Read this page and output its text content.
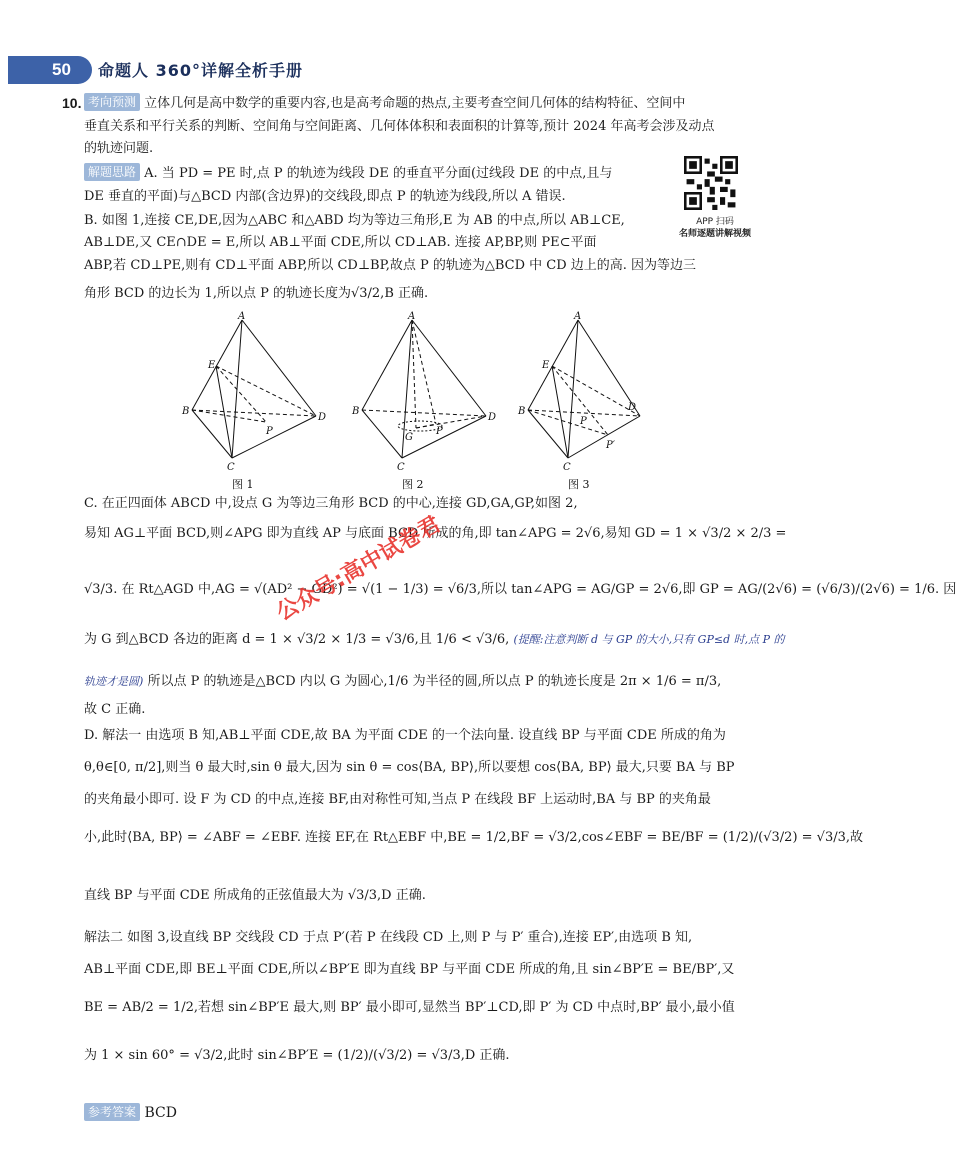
50	命题人 360°详解全析手册
10. 考向预测 立体几何是高中数学的重要内容,也是高考命题的热点,主要考查空间几何体的结构特征、空间中
垂直关系和平行关系的判断、空间角与空间距离、几何体体积和表面积的计算等,预计 2024 年高考会涉及动点
的轨迹问题.
APP 扫码
名师逐题讲解视频
解题思路 A. 当 PD = PE 时,点 P 的轨迹为线段 DE 的垂直平分面(过线段 DE 的中点,且与
DE 垂直的平面)与△BCD 内部(含边界)的交线段,即点 P 的轨迹为线段,所以 A 错误.
B. 如图 1,连接 CE,DE,因为△ABC 和△ABD 均为等边三角形,E 为 AB 的中点,所以 AB⊥CE,
AB⊥DE,又 CE∩DE = E,所以 AB⊥平面 CDE,所以 CD⊥AB. 连接 AP,BP,则 PE⊂平面
ABP,若 CD⊥PE,则有 CD⊥平面 ABP,所以 CD⊥BP,故点 P 的轨迹为△BCD 中 CD 边上的高. 因为等边三
角形 BCD 的边长为 1,所以点 P 的轨迹长度为√3/2,B 正确.
A
B
C
D
E
P
图 1
A
B
C
D
G
P
图 2
A
B
C
D
E
P
P′
图 3
C. 在正四面体 ABCD 中,设点 G 为等边三角形 BCD 的中心,连接 GD,GA,GP,如图 2,
易知 AG⊥平面 BCD,则∠APG 即为直线 AP 与底面 BCD 所成的角,即 tan∠APG = 2√6,易知 GD = 1 × √3/2 × 2/3 =
√3/3. 在 Rt△AGD 中,AG = √(AD² − GD²) = √(1 − 1/3) = √6/3,所以 tan∠APG = AG/GP = 2√6,即 GP = AG/(2√6) = (√6/3)/(2√6) = 1/6. 因
为 G 到△BCD 各边的距离 d = 1 × √3/2 × 1/3 = √3/6,且 1/6 < √3/6, (提醒:注意判断 d 与 GP 的大小,只有 GP≤d 时,点 P 的
轨迹才是圆) 所以点 P 的轨迹是△BCD 内以 G 为圆心,1/6 为半径的圆,所以点 P 的轨迹长度是 2π × 1/6 = π/3,
故 C 正确.
D. 解法一 由选项 B 知,AB⊥平面 CDE,故 BA 为平面 CDE 的一个法向量. 设直线 BP 与平面 CDE 所成的角为
θ,θ∈[0, π/2],则当 θ 最大时,sin θ 最大,因为 sin θ = cos⟨BA, BP⟩,所以要想 cos⟨BA, BP⟩ 最大,只要 BA 与 BP
的夹角最小即可. 设 F 为 CD 的中点,连接 BF,由对称性可知,当点 P 在线段 BF 上运动时,BA 与 BP 的夹角最
小,此时⟨BA, BP⟩ = ∠ABF = ∠EBF. 连接 EF,在 Rt△EBF 中,BE = 1/2,BF = √3/2,cos∠EBF = BE/BF = (1/2)/(√3/2) = √3/3,故
直线 BP 与平面 CDE 所成角的正弦值最大为 √3/3,D 正确.
解法二 如图 3,设直线 BP 交线段 CD 于点 P′(若 P 在线段 CD 上,则 P 与 P′ 重合),连接 EP′,由选项 B 知,
AB⊥平面 CDE,即 BE⊥平面 CDE,所以∠BP′E 即为直线 BP 与平面 CDE 所成的角,且 sin∠BP′E = BE/BP′,又
BE = AB/2 = 1/2,若想 sin∠BP′E 最大,则 BP′ 最小即可,显然当 BP′⊥CD,即 P′ 为 CD 中点时,BP′ 最小,最小值
为 1 × sin 60° = √3/2,此时 sin∠BP′E = (1/2)/(√3/2) = √3/3,D 正确.
公众号:高中试卷君
参考答案 BCD
